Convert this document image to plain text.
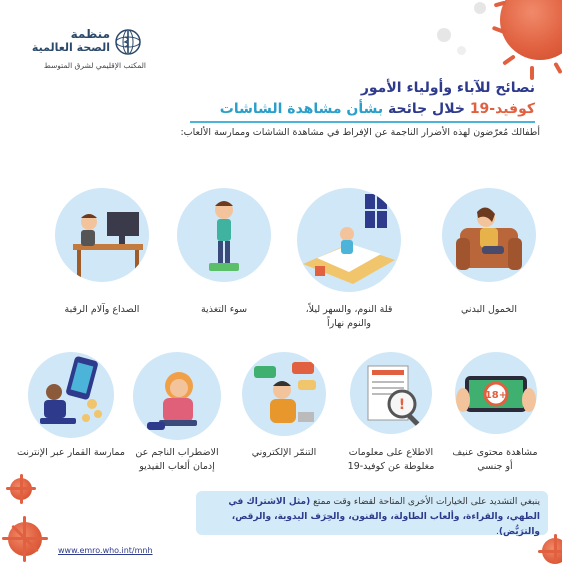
منظمة
الصحة العالمية
المكتب الإقليمي لشرق المتوسط
نصائح للآباء وأولياء الأمور
كوفيد-19 خلال جائحة بشأن مشاهدة الشاشات
أطفالك مُعرّضون لهذه الأضرار الناجمة عن الإفراط في مشاهدة الشاشات وممارسة الألعاب:
الخمول البدني
قلة النوم، والسهر ليلاً،
والنوم نهاراً
سوء التغذية
الصداع وآلام الرقبة
18+
!
مشاهدة محتوى عنيف
أو جنسي
الاطلاع على معلومات
مغلوطة عن كوفيد-19
التنمّر الإلكتروني
الاضطراب الناجم عن
إدمان ألعاب الفيديو
ممارسة القمار عبر الإنترنت
ينبغي التشديد على الخيارات الأخرى المتاحة لقضاء وقت ممتع (مثل الاشتراك في
الطهي، والقراءة، وألعاب الطاولة، والفنون، والحِرَف اليدوية، والرقص، والترَيُّض).
www.emro.who.int/mnh
